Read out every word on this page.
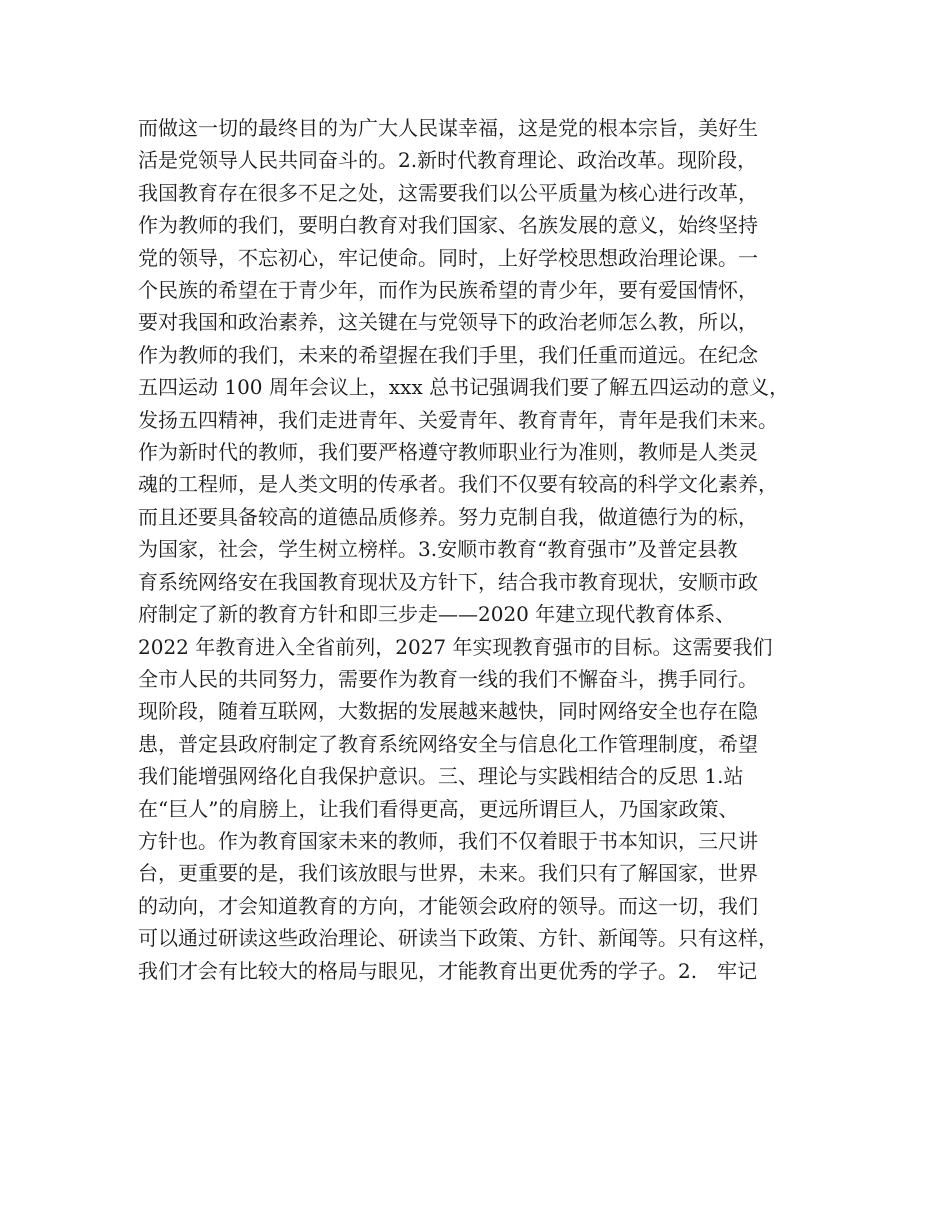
而做这一切的最终目的为广大人民谋幸福，这是党的根本宗旨，美好生
活是党领导人民共同奋斗的。2.新时代教育理论、政治改革。现阶段，
我国教育存在很多不足之处，这需要我们以公平质量为核心进行改革，
作为教师的我们，要明白教育对我们国家、名族发展的意义，始终坚持
党的领导，不忘初心，牢记使命。同时，上好学校思想政治理论课。一
个民族的希望在于青少年，而作为民族希望的青少年，要有爱国情怀，
要对我国和政治素养，这关键在与党领导下的政治老师怎么教，所以，
作为教师的我们，未来的希望握在我们手里，我们任重而道远。在纪念
五四运动 100 周年会议上，xxx 总书记强调我们要了解五四运动的意义，
发扬五四精神，我们走进青年、关爱青年、教育青年，青年是我们未来。
作为新时代的教师，我们要严格遵守教师职业行为准则，教师是人类灵
魂的工程师，是人类文明的传承者。我们不仅要有较高的科学文化素养，
而且还要具备较高的道德品质修养。努力克制自我，做道德行为的标，
为国家，社会，学生树立榜样。3.安顺市教育“教育强市”及普定县教
育系统网络安在我国教育现状及方针下，结合我市教育现状，安顺市政
府制定了新的教育方针和即三步走——2020 年建立现代教育体系、
2022 年教育进入全省前列，2027 年实现教育强市的目标。这需要我们
全市人民的共同努力，需要作为教育一线的我们不懈奋斗，携手同行。
现阶段，随着互联网，大数据的发展越来越快，同时网络安全也存在隐
患，普定县政府制定了教育系统网络安全与信息化工作管理制度，希望
我们能增强网络化自我保护意识。三、理论与实践相结合的反思 1.站
在“巨人”的肩膀上，让我们看得更高，更远所谓巨人，乃国家政策、
方针也。作为教育国家未来的教师，我们不仅着眼于书本知识，三尺讲
台，更重要的是，我们该放眼与世界，未来。我们只有了解国家，世界
的动向，才会知道教育的方向，才能领会政府的领导。而这一切，我们
可以通过研读这些政治理论、研读当下政策、方针、新闻等。只有这样，
我们才会有比较大的格局与眼见，才能教育出更优秀的学子。2.　牢记
